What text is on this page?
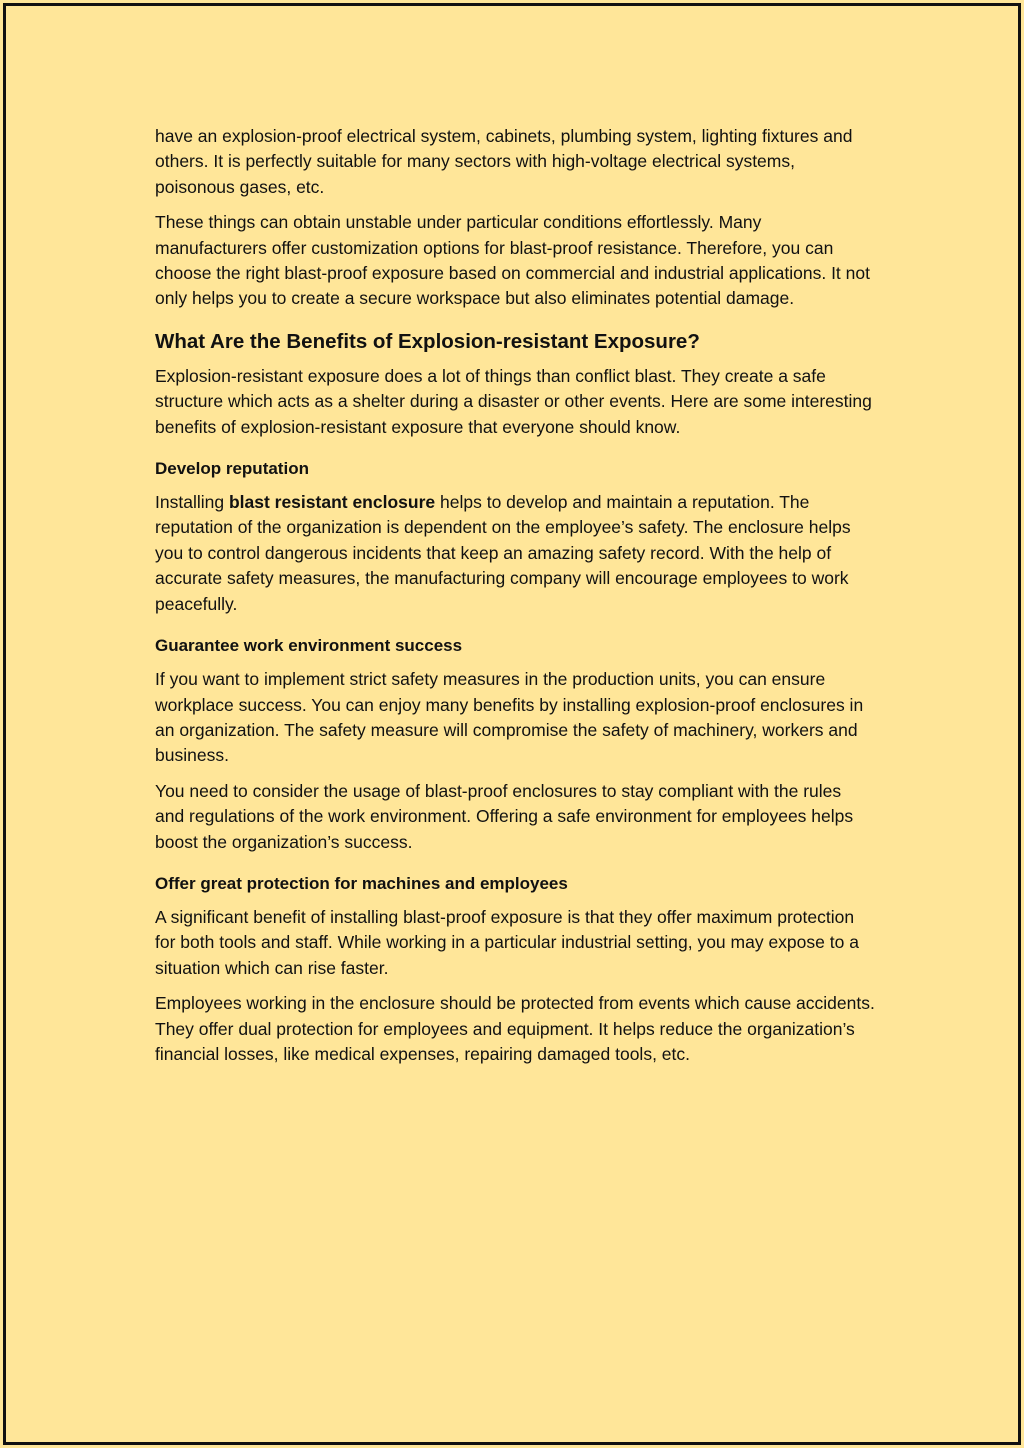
have an explosion-proof electrical system, cabinets, plumbing system, lighting fixtures and others. It is perfectly suitable for many sectors with high-voltage electrical systems, poisonous gases, etc.

These things can obtain unstable under particular conditions effortlessly. Many manufacturers offer customization options for blast-proof resistance. Therefore, you can choose the right blast-proof exposure based on commercial and industrial applications. It not only helps you to create a secure workspace but also eliminates potential damage.

What Are the Benefits of Explosion-resistant Exposure?

Explosion-resistant exposure does a lot of things than conflict blast. They create a safe structure which acts as a shelter during a disaster or other events. Here are some interesting benefits of explosion-resistant exposure that everyone should know.

Develop reputation

Installing blast resistant enclosure helps to develop and maintain a reputation. The reputation of the organization is dependent on the employee’s safety. The enclosure helps you to control dangerous incidents that keep an amazing safety record. With the help of accurate safety measures, the manufacturing company will encourage employees to work peacefully.

Guarantee work environment success

If you want to implement strict safety measures in the production units, you can ensure workplace success. You can enjoy many benefits by installing explosion-proof enclosures in an organization. The safety measure will compromise the safety of machinery, workers and business.

You need to consider the usage of blast-proof enclosures to stay compliant with the rules and regulations of the work environment. Offering a safe environment for employees helps boost the organization’s success.

Offer great protection for machines and employees

A significant benefit of installing blast-proof exposure is that they offer maximum protection for both tools and staff. While working in a particular industrial setting, you may expose to a situation which can rise faster.

Employees working in the enclosure should be protected from events which cause accidents. They offer dual protection for employees and equipment. It helps reduce the organization’s financial losses, like medical expenses, repairing damaged tools, etc.
